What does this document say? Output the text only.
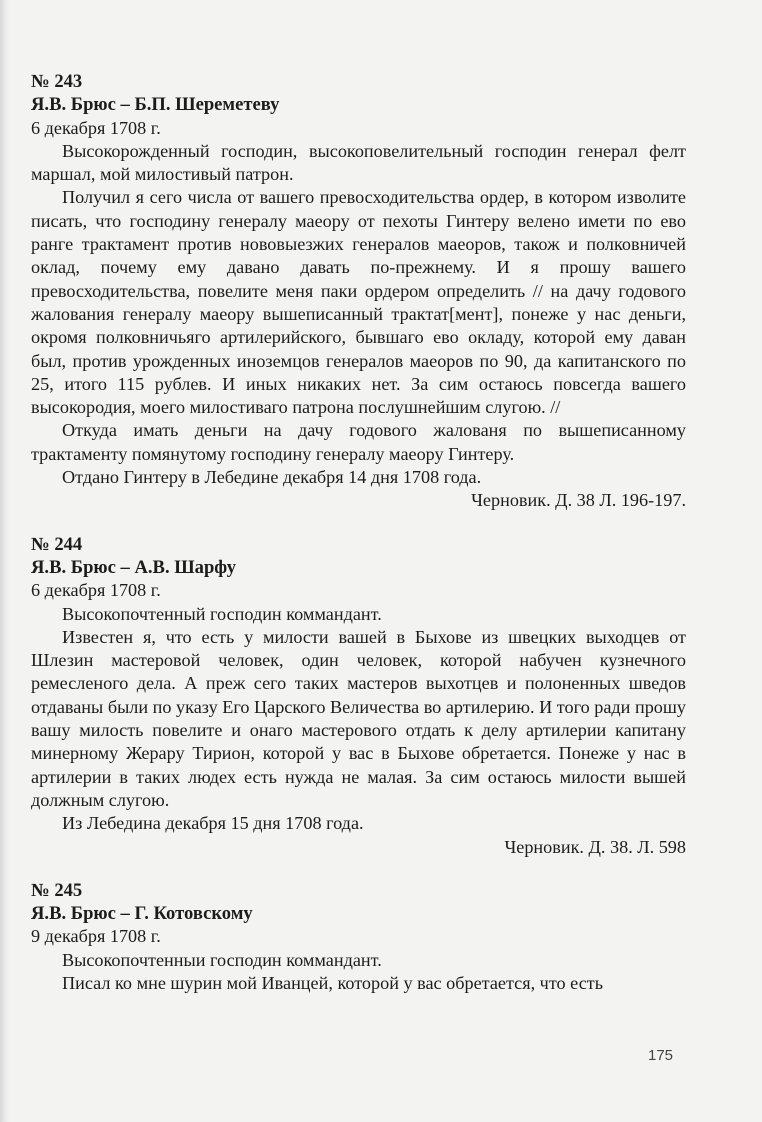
№ 243

Я.В. Брюс – Б.П. Шереметеву

6 декабря 1708 г.

Высокорожденный господин, высокоповелительный господин генерал фелт маршал, мой милостивый патрон.

Получил я сего числа от вашего превосходительства ордер, в котором изволите писать, что господину генералу маеору от пехоты Гинтеру велено имети по ево ранге трактамент против нововыезжих генералов маеоров, також и полковничей оклад, почему ему давано давать по-прежнему. И я прошу вашего превосходительства, повелите меня паки ордером определить // на дачу годового жалования генералу маеору вышеписанный трактат[мент], понеже у нас деньги, окромя полковничьяго артилерийского, бывшаго ево окладу, которой ему даван был, против урожденных иноземцов генералов маеоров по 90, да капитанского по 25, итого 115 рублев. И иных никаких нет. За сим остаюсь повсегда вашего высокородия, моего милостиваго патрона послушнейшим слугою. //

Откуда имать деньги на дачу годового жалованя по вышеписанному трактаменту помянутому господину генералу маеору Гинтеру.

Отдано Гинтеру в Лебедине декабря 14 дня 1708 года.

Черновик. Д. 38 Л. 196-197.

№ 244

Я.В. Брюс – А.В. Шарфу

6 декабря 1708 г.

Высокопочтенный господин коммандант.

Известен я, что есть у милости вашей в Быхове из швецких выходцев от Шлезин мастеровой человек, один человек, которой набучен кузнечного ремесленого дела. А преж сего таких мастеров выхотцев и полоненных шведов отдаваны были по указу Его Царского Величества во артилерию. И того ради прошу вашу милость повелите и онаго мастерового отдать к делу артилерии капитану минерному Жерару Тирион, которой у вас в Быхове обретается. Понеже у нас в артилерии в таких людех есть нужда не малая. За сим остаюсь милости вышей должным слугою.

Из Лебедина декабря 15 дня 1708 года.

Черновик. Д. 38. Л. 598

№ 245

Я.В. Брюс – Г. Котовскому

9 декабря 1708 г.

Высокопочтенныи господин коммандант.

Писал ко мне шурин мой Иванцей, которой у вас обретается, что есть

175
